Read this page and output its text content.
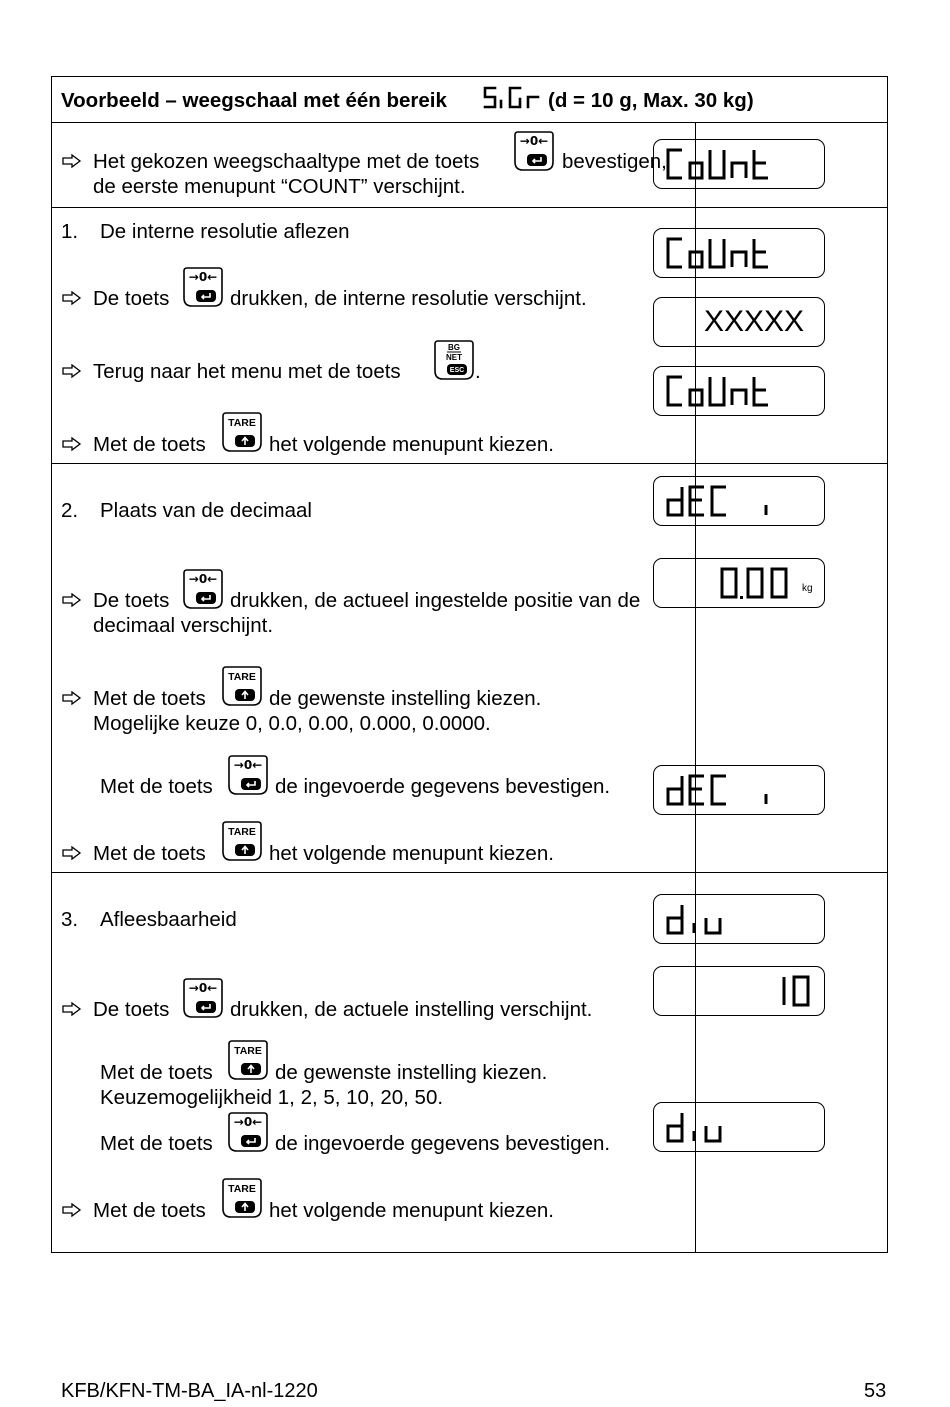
Voorbeeld – weegschaal met één bereik	(d = 10 g, Max. 30 kg)
Het gekozen weegschaaltype met de toets
→0←
bevestigen,
de eerste menupunt “COUNT” verschijnt.
1. De interne resolutie aflezen
De toets
→0←
drukken, de interne resolutie verschijnt.
Terug naar het menu met de toets
BG
NET
ESC .
Met de toets
TARE
het volgende menupunt kiezen.
XXXXX
2. Plaats van de decimaal
De toets
→0←
drukken, de actueel ingestelde positie van de
decimaal verschijnt.
Met de toets
TARE
de gewenste instelling kiezen.
Mogelijke keuze 0, 0.0, 0.00, 0.000, 0.0000.
Met de toets
→0←
de ingevoerde gegevens bevestigen.
Met de toets
TARE
het volgende menupunt kiezen.
kg
3. Afleesbaarheid
De toets
→0←
drukken, de actuele instelling verschijnt.
Met de toets
TARE
de gewenste instelling kiezen.
Keuzemogelijkheid 1, 2, 5, 10, 20, 50.
Met de toets
→0←
de ingevoerde gegevens bevestigen.
Met de toets
TARE
het volgende menupunt kiezen.
KFB/KFN-TM-BA_IA-nl-1220	53
